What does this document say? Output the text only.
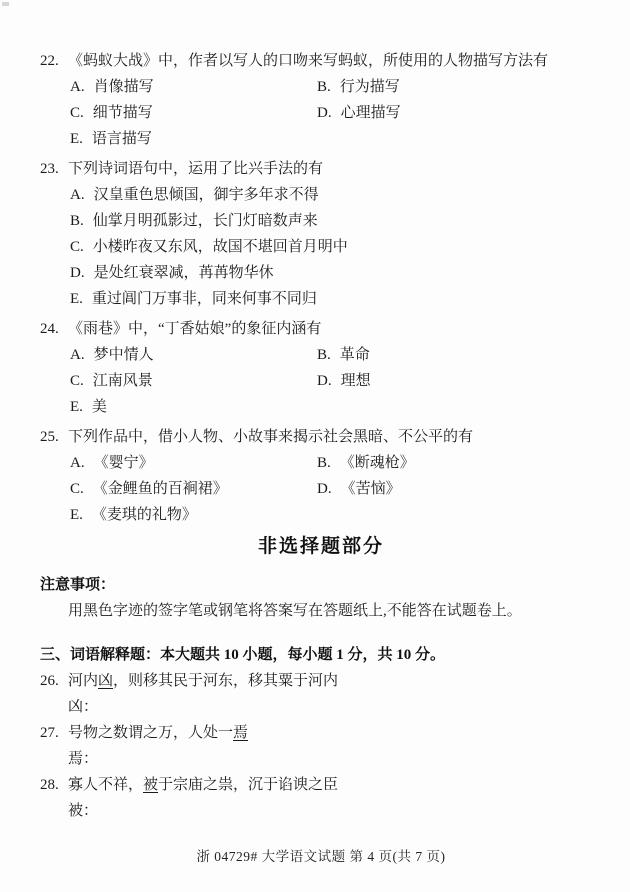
22. 《蚂蚁大战》中，作者以写人的口吻来写蚂蚁，所使用的人物描写方法有
A. 肖像描写	B. 行为描写
C. 细节描写	D. 心理描写
E. 语言描写
23. 下列诗词语句中，运用了比兴手法的有
A. 汉皇重色思倾国，御宇多年求不得
B. 仙掌月明孤影过，长门灯暗数声来
C. 小楼昨夜又东风，故国不堪回首月明中
D. 是处红衰翠减，苒苒物华休
E. 重过阊门万事非，同来何事不同归
24. 《雨巷》中，“丁香姑娘”的象征内涵有
A. 梦中情人	B. 革命
C. 江南风景	D. 理想
E. 美
25. 下列作品中，借小人物、小故事来揭示社会黑暗、不公平的有
A. 《婴宁》	B. 《断魂枪》
C. 《金鲤鱼的百裥裙》	D. 《苦恼》
E. 《麦琪的礼物》
非选择题部分
注意事项：
用黑色字迹的签字笔或钢笔将答案写在答题纸上,不能答在试题卷上。
三、词语解释题：本大题共 10 小题，每小题 1 分，共 10 分。
26. 河内凶，则移其民于河东，移其粟于河内
凶：
27. 号物之数谓之万，人处一焉
焉：
28. 寡人不祥，被于宗庙之祟，沉于谄谀之臣
被：
浙 04729# 大学语文试题 第 4 页(共 7 页)
